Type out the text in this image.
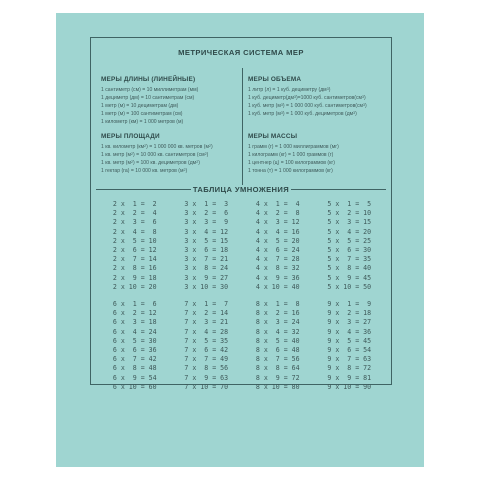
МЕТРИЧЕСКАЯ СИСТЕМА МЕР
МЕРЫ ДЛИНЫ (ЛИНЕЙНЫЕ)
1 сантиметр (см) = 10 миллиметрам (мм)
1 дециметр (дм) = 10 сантиметрам (см)
1 метр (м) = 10 дециметрам (дм)
1 метр (м) = 100 сантиметрам (см)
1 километр (км) = 1 000 метров (м)
МЕРЫ ОБЪЕМА
1 литр (л) = 1 куб. дециметру $(дм^3)$
1 куб. $дециметр(дм^3)=1000$ куб. $сантиметров(см^3)$
1 куб. метр $(м^3) = 1$ 000 000 куб. $сантиметров(см^3)$
1 куб. метр $(м^3) = 1$ 000 куб. дециметров $(дм^3)$
МЕРЫ ПЛОЩАДИ
1 кв. километр $(км^2) = 1$ 000 000 кв. метров $(м^2)$
1 кв. метр $(м^2) = 10$ 000 кв. сантиметров $(см^2)$
1 кв. метр $(м^2) = 100$ кв. дециметров $(дм^2)$
1 гектар (га) = 10 000 кв. метров $(м^2)$
МЕРЫ МАССЫ
1 грамм (г) = 1 000 миллиграммов (мг)
1 килограмм (кг) = 1 000 граммов (г)
1 центнер (ц) = 100 килограммов (кг)
1 тонна (т) = 1 000 килограммов (кг)
ТАБЛИЦА УМНОЖЕНИЯ
2 x  1 =  2
2 x  2 =  4
2 x  3 =  6
2 x  4 =  8
2 x  5 = 10
2 x  6 = 12
2 x  7 = 14
2 x  8 = 16
2 x  9 = 18
2 x 10 = 20
3 x  1 =  3
3 x  2 =  6
3 x  3 =  9
3 x  4 = 12
3 x  5 = 15
3 x  6 = 18
3 x  7 = 21
3 x  8 = 24
3 x  9 = 27
3 x 10 = 30
4 x  1 =  4
4 x  2 =  8
4 x  3 = 12
4 x  4 = 16
4 x  5 = 20
4 x  6 = 24
4 x  7 = 28
4 x  8 = 32
4 x  9 = 36
4 x 10 = 40
5 x  1 =  5
5 x  2 = 10
5 x  3 = 15
5 x  4 = 20
5 x  5 = 25
5 x  6 = 30
5 x  7 = 35
5 x  8 = 40
5 x  9 = 45
5 x 10 = 50
6 x  1 =  6
6 x  2 = 12
6 x  3 = 18
6 x  4 = 24
6 x  5 = 30
6 x  6 = 36
6 x  7 = 42
6 x  8 = 48
6 x  9 = 54
6 x 10 = 60
7 x  1 =  7
7 x  2 = 14
7 x  3 = 21
7 x  4 = 28
7 x  5 = 35
7 x  6 = 42
7 x  7 = 49
7 x  8 = 56
7 x  9 = 63
7 x 10 = 70
8 x  1 =  8
8 x  2 = 16
8 x  3 = 24
8 x  4 = 32
8 x  5 = 40
8 x  6 = 48
8 x  7 = 56
8 x  8 = 64
8 x  9 = 72
8 x 10 = 80
9 x  1 =  9
9 x  2 = 18
9 x  3 = 27
9 x  4 = 36
9 x  5 = 45
9 x  6 = 54
9 x  7 = 63
9 x  8 = 72
9 x  9 = 81
9 x 10 = 90
